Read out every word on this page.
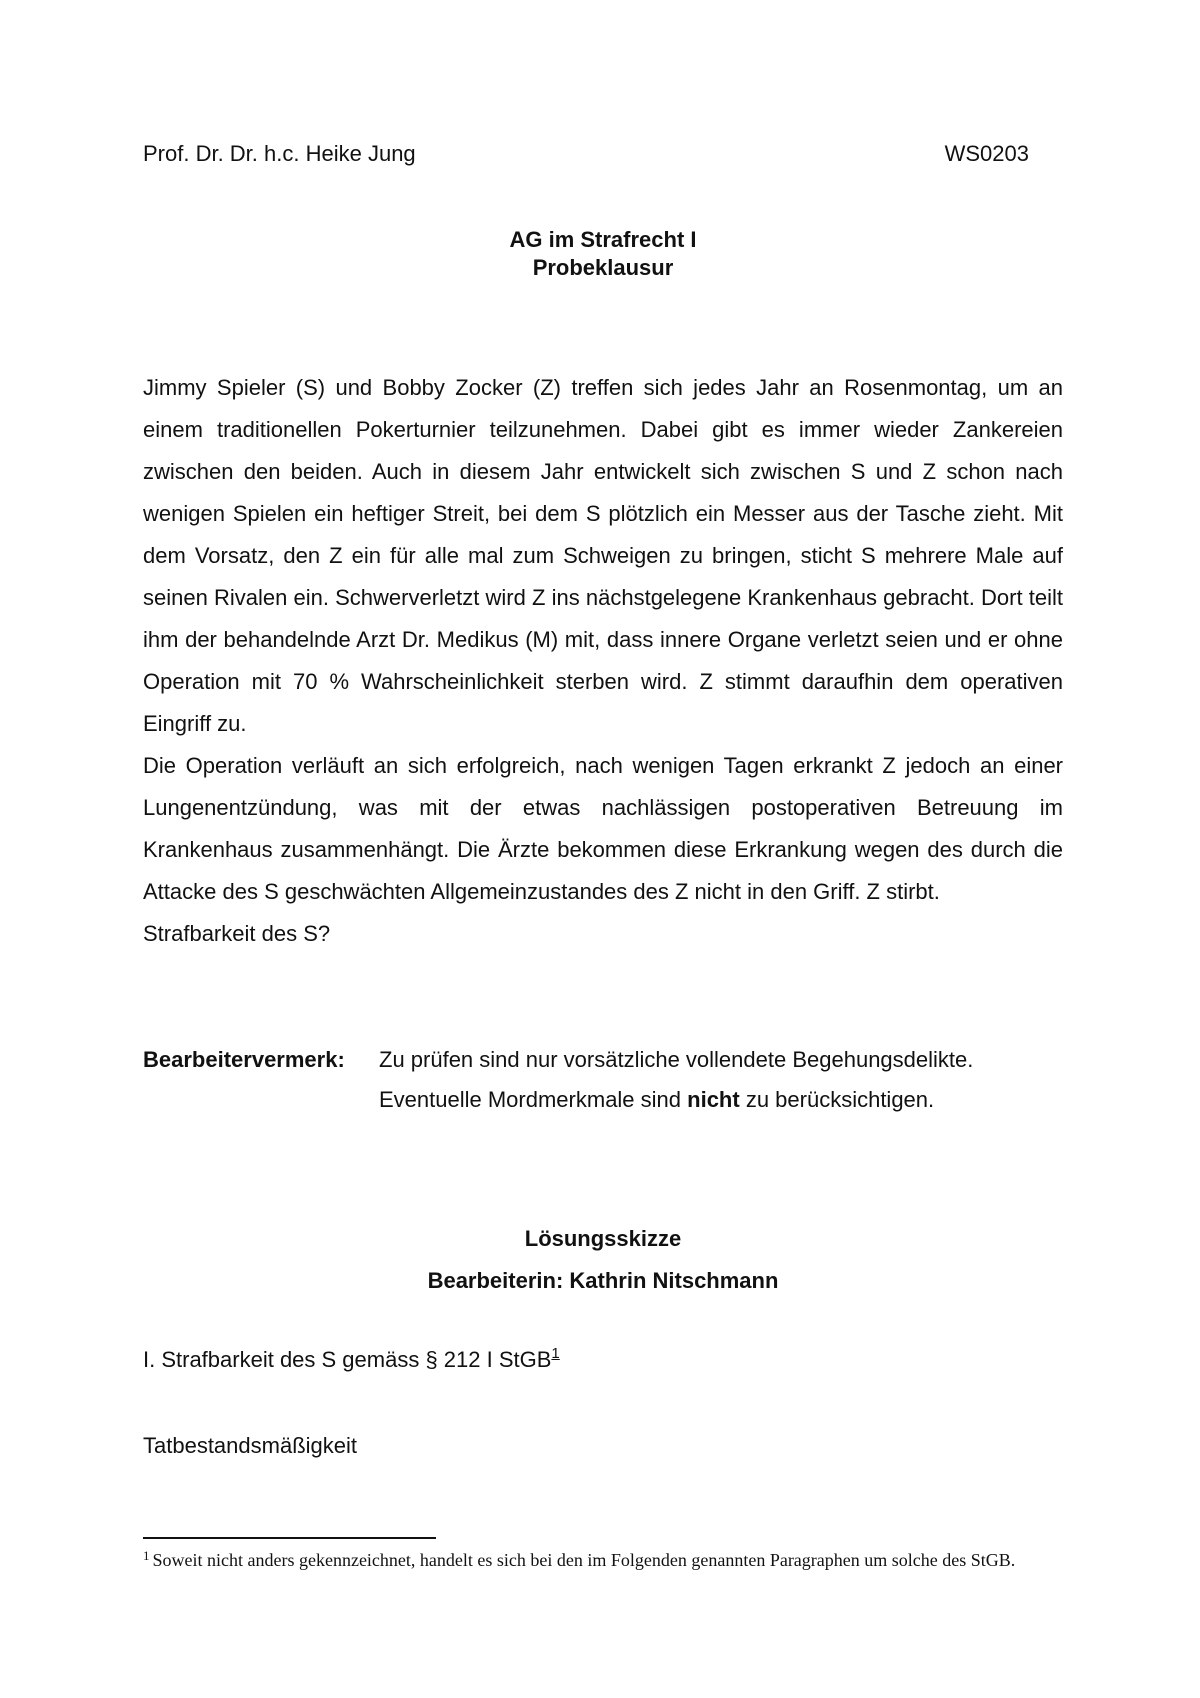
Prof. Dr. Dr. h.c. Heike Jung	WS0203
AG im Strafrecht I
Probeklausur

Jimmy Spieler (S) und Bobby Zocker (Z) treffen sich jedes Jahr an Rosenmontag, um an einem traditionellen Pokerturnier teilzunehmen. Dabei gibt es immer wieder Zankereien zwischen den beiden. Auch in diesem Jahr entwickelt sich zwischen S und Z schon nach wenigen Spielen ein heftiger Streit, bei dem S plötzlich ein Messer aus der Tasche zieht. Mit dem Vorsatz, den Z ein für alle mal zum Schweigen zu bringen, sticht S mehrere Male auf seinen Rivalen ein. Schwerverletzt wird Z ins nächstgelegene Krankenhaus gebracht. Dort teilt ihm der behandelnde Arzt Dr. Medikus (M) mit, dass innere Organe verletzt seien und er ohne Operation mit 70 % Wahrscheinlichkeit sterben wird. Z stimmt daraufhin dem operativen Eingriff zu.

Die Operation verläuft an sich erfolgreich, nach wenigen Tagen erkrankt Z jedoch an einer Lungenentzündung, was mit der etwas nachlässigen postoperativen Betreuung im Krankenhaus zusammenhängt. Die Ärzte bekommen diese Erkrankung wegen des durch die Attacke des S geschwächten Allgemeinzustandes des Z nicht in den Griff. Z stirbt.

Strafbarkeit des S?

Bearbeitervermerk: Zu prüfen sind nur vorsätzliche vollendete Begehungsdelikte.
Eventuelle Mordmerkmale sind nicht zu berücksichtigen.
Lösungsskizze
Bearbeiterin: Kathrin Nitschmann
I. Strafbarkeit des S gemäss § 212 I StGB$^1$
Tatbestandsmäßigkeit
$^1$ Soweit nicht anders gekennzeichnet, handelt es sich bei den im Folgenden genannten Paragraphen um solche des StGB.
